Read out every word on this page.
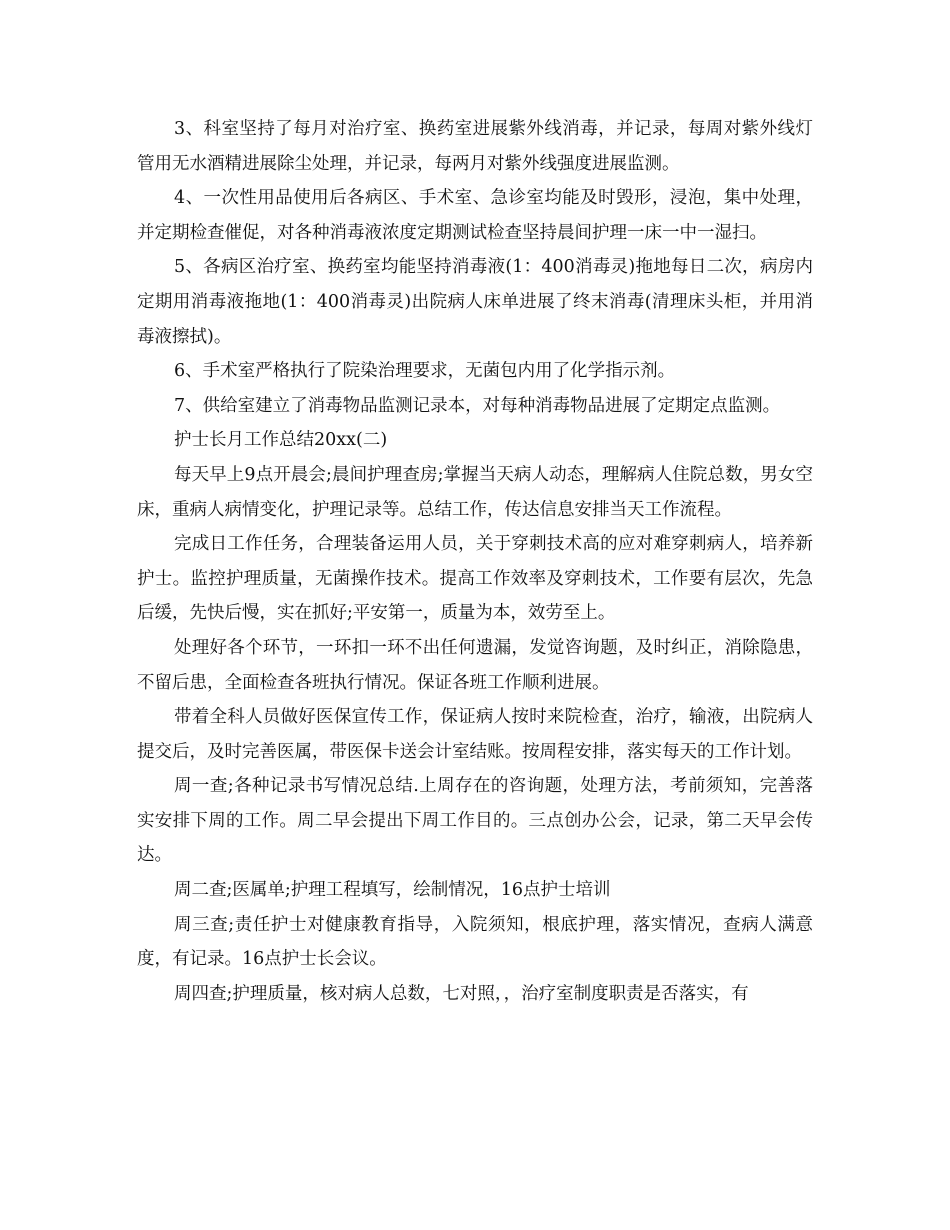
3、科室坚持了每月对治疗室、换药室进展紫外线消毒，并记录，每周对紫外线灯管用无水酒精进展除尘处理，并记录，每两月对紫外线强度进展监测。

4、一次性用品使用后各病区、手术室、急诊室均能及时毁形，浸泡，集中处理，并定期检查催促，对各种消毒液浓度定期测试检查坚持晨间护理一床一中一湿扫。

5、各病区治疗室、换药室均能坚持消毒液(1：400消毒灵)拖地每日二次，病房内定期用消毒液拖地(1：400消毒灵)出院病人床单进展了终末消毒(清理床头柜，并用消毒液擦拭)。

6、手术室严格执行了院染治理要求，无菌包内用了化学指示剂。

7、供给室建立了消毒物品监测记录本，对每种消毒物品进展了定期定点监测。

护士长月工作总结20xx(二)

每天早上9点开晨会;晨间护理查房;掌握当天病人动态，理解病人住院总数，男女空床，重病人病情变化，护理记录等。总结工作，传达信息安排当天工作流程。

完成日工作任务，合理装备运用人员，关于穿刺技术高的应对难穿刺病人，培养新护士。监控护理质量，无菌操作技术。提高工作效率及穿刺技术，工作要有层次，先急后缓，先快后慢，实在抓好;平安第一，质量为本，效劳至上。

处理好各个环节，一环扣一环不出任何遗漏，发觉咨询题，及时纠正，消除隐患，不留后患，全面检查各班执行情况。保证各班工作顺利进展。

带着全科人员做好医保宣传工作，保证病人按时来院检查，治疗，输液，出院病人提交后，及时完善医属，带医保卡送会计室结账。按周程安排，落实每天的工作计划。

周一查;各种记录书写情况总结.上周存在的咨询题，处理方法，考前须知，完善落实安排下周的工作。周二早会提出下周工作目的。三点创办公会，记录，第二天早会传达。

周二查;医属单;护理工程填写，绘制情况，16点护士培训

周三查;责任护士对健康教育指导，入院须知，根底护理，落实情况，查病人满意度，有记录。16点护士长会议。

周四查;护理质量，核对病人总数，七对照，，治疗室制度职责是否落实，有
